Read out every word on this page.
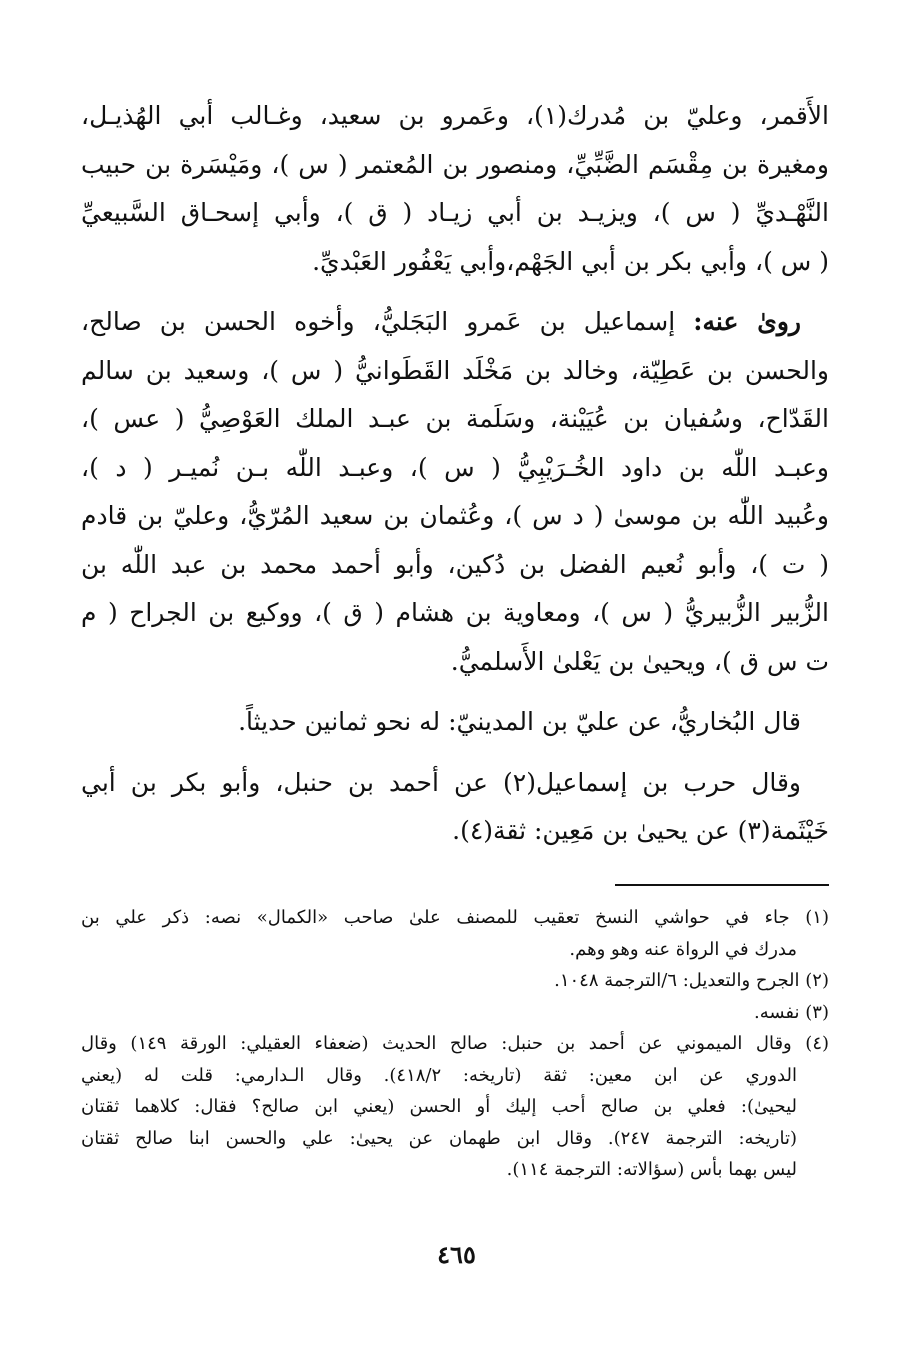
الأَقمر، وعليّ بن مُدرك(١)، وعَمرو بن سعيد، وغـالب أبي الهُذيـل،
ومغيرة بن مِقْسَم الضَّبِّيِّ، ومنصور بن المُعتمر ( س )، ومَيْسَرة بن حبيب
النَّهْـديِّ ( س )، ويزيـد بن أبي زيـاد ( ق )، وأبي إسحـاق السَّبيعيِّ
( س )، وأبي بكر بن أبي الجَهْم،وأبي يَعْفُور العَبْديِّ.
روىٰ عنه: إسماعيل بن عَمرو البَجَليُّ، وأخوه الحسن بن صالح،
والحسن بن عَطِيّة، وخالد بن مَخْلَد القَطَوانيُّ ( س )، وسعيد بن سالم
القَدّاح، وسُفيان بن عُيَيْنة، وسَلَمة بن عبـد الملك العَوْصِيُّ ( عس )،
وعبـد اللّٰه بن داود الخُـرَيْبِيُّ ( س )، وعبـد اللّٰه بـن نُميـر ( د )،
وعُبيد اللّٰه بن موسىٰ ( د س )، وعُثمان بن سعيد المُرّيُّ، وعليّ بن قادم
( ت )، وأبو نُعيم الفضل بن دُكين، وأبو أحمد محمد بن عبد اللّٰه بن
الزُّبير الزُّبيريُّ ( س )، ومعاوية بن هشام ( ق )، ووكيع بن الجراح ( م
ت س ق )، ويحيىٰ بن يَعْلىٰ الأَسلميُّ.
قال البُخاريُّ، عن عليّ بن المدينيّ: له نحو ثمانين حديثاً.
وقال حرب بن إسماعيل(٢) عن أحمد بن حنبل، وأبو بكر بن أبي
خَيْثَمة(٣) عن يحيىٰ بن مَعِين: ثقة(٤).
(١) جاء في حواشي النسخ تعقيب للمصنف علىٰ صاحب «الكمال» نصه: ذكر علي بن
مدرك في الرواة عنه وهو وهم.
(٢) الجرح والتعديل: ٦/الترجمة ١٠٤٨.
(٣) نفسه.
(٤) وقال الميموني عن أحمد بن حنبل: صالح الحديث (ضعفاء العقيلي: الورقة ١٤٩) وقال
الدوري عن ابن معين: ثقة (تاريخه: ٤١٨/٢). وقال الـدارمي: قلت له (يعني
ليحيىٰ): فعلي بن صالح أحب إليك أو الحسن (يعني ابن صالح؟ فقال: كلاهما ثقتان
(تاريخه: الترجمة ٢٤٧). وقال ابن طهمان عن يحيىٰ: علي والحسن ابنا صالح ثقتان
ليس بهما بأس (سؤالاته: الترجمة ١١٤).
٤٦٥
